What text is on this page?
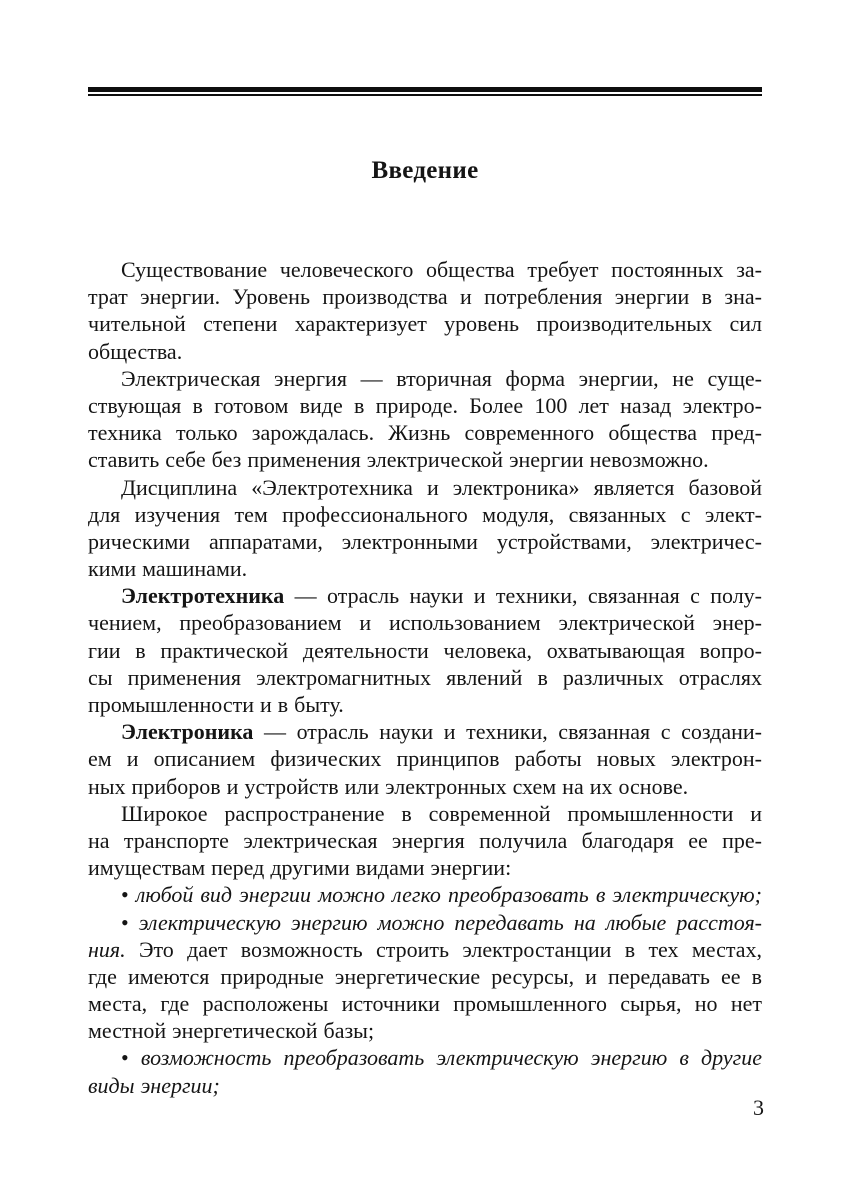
Введение
Существование человеческого общества требует постоянных за-
трат энергии. Уровень производства и потребления энергии в зна-
чительной степени характеризует уровень производительных сил
общества.
Электрическая энергия — вторичная форма энергии, не суще-
ствующая в готовом виде в природе. Более 100 лет назад электро-
техника только зарождалась. Жизнь современного общества пред-
ставить себе без применения электрической энергии невозможно.
Дисциплина «Электротехника и электроника» является базовой
для изучения тем профессионального модуля, связанных с элект-
рическими аппаратами, электронными устройствами, электричес-
кими машинами.
Электротехника — отрасль науки и техники, связанная с полу-
чением, преобразованием и использованием электрической энер-
гии в практической деятельности человека, охватывающая вопро-
сы применения электромагнитных явлений в различных отраслях
промышленности и в быту.
Электроника — отрасль науки и техники, связанная с создани-
ем и описанием физических принципов работы новых электрон-
ных приборов и устройств или электронных схем на их основе.
Широкое распространение в современной промышленности и
на транспорте электрическая энергия получила благодаря ее пре-
имуществам перед другими видами энергии:
• любой вид энергии можно легко преобразовать в электрическую;
• электрическую энергию можно передавать на любые расстоя-
ния. Это дает возможность строить электростанции в тех местах,
где имеются природные энергетические ресурсы, и передавать ее в
места, где расположены источники промышленного сырья, но нет
местной энергетической базы;
• возможность преобразовать электрическую энергию в другие
виды энергии;
3
